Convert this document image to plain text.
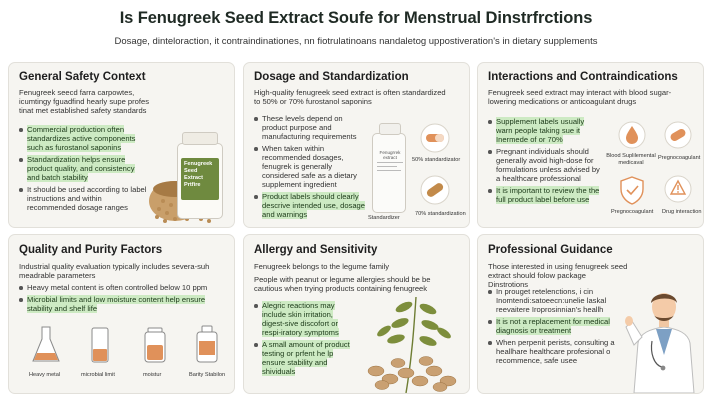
Is Fenugreek Seed Extract Soufe for Menstrual Dinstrfrctions
Dosage, dinteloraction, it contraindinationes, nn fiotrulatinoans nandaletog uppostiveration's in dietary supplements
General Safety Context
Fenugreek seecd farra carpowtes, icumtingy fguadfind hearly supe profes tinat met established safety standards
Commercial production often standardizes active components such as furostanol saponins
Standardization helps ensure product quality, and consistency and batch stability
It should be used according to label instructions and within recommended dosage ranges
Fenugreek Seed Extract Prtfire
Dosage and Standardization
High-quality fenugreek seed extract is often standardized to 50% or 70% furostanol saponins
These levels depend on product purpose and manufacturing requirements
When taken within recommended dosages, fenugrek is generally considered safe as a dietary supplement ingredient
Product labels should clearly descrive intended use, dosage and warnings
Fenugrrek extract
Standardizer
50% standardizator
70% standardization
Interactions and Contraindications
Fenugreek seed extract may interact with blood sugar-lowering medications or anticoagulant drugs
Supplement labels usually warn people taking sue it Inermede of or 70%
Pregnant individuals should generally avoid high-dose for formulations unless advised by a healthcare professional
It is important to review the the full product label before use
Blood Suplilemental medicaval
Pregnocoagulant
Pregnocoagulant Drug interaction
Quality and Purity Factors
Industrial quality evaluation typically includes severa-suh meadrable parameters
Heavy metal content is often controlled below 10 ppm
Microbial limits and low moisture content help ensure stability and shelf life
Heavy metal	microbial limit	moistur	Barity Stabilon
Allergy and Sensitivity
Fenugreek belongs to the legume family
People with peanut or legume allergies should be be cautious when trying products containing fenugreek
Alegric reactions may include skin irritation, digest-sive discofort or respi-iratory symptoms
A small amount of product testing or prfent he lp ensure stability and shividuals
Professional Guidance
Those interested in using fenugreek seed extract should folow package Dinstrotions
In prouget retelenctions, i cin Inomtendi:satoeecn:unelie laskal reevaitere Iroprosinnian's heallh
It is not a replacement for medical diagnosis or treatment
When perpenit perists, consulting a heallhare healthcare profesional o recommence, safe usee
